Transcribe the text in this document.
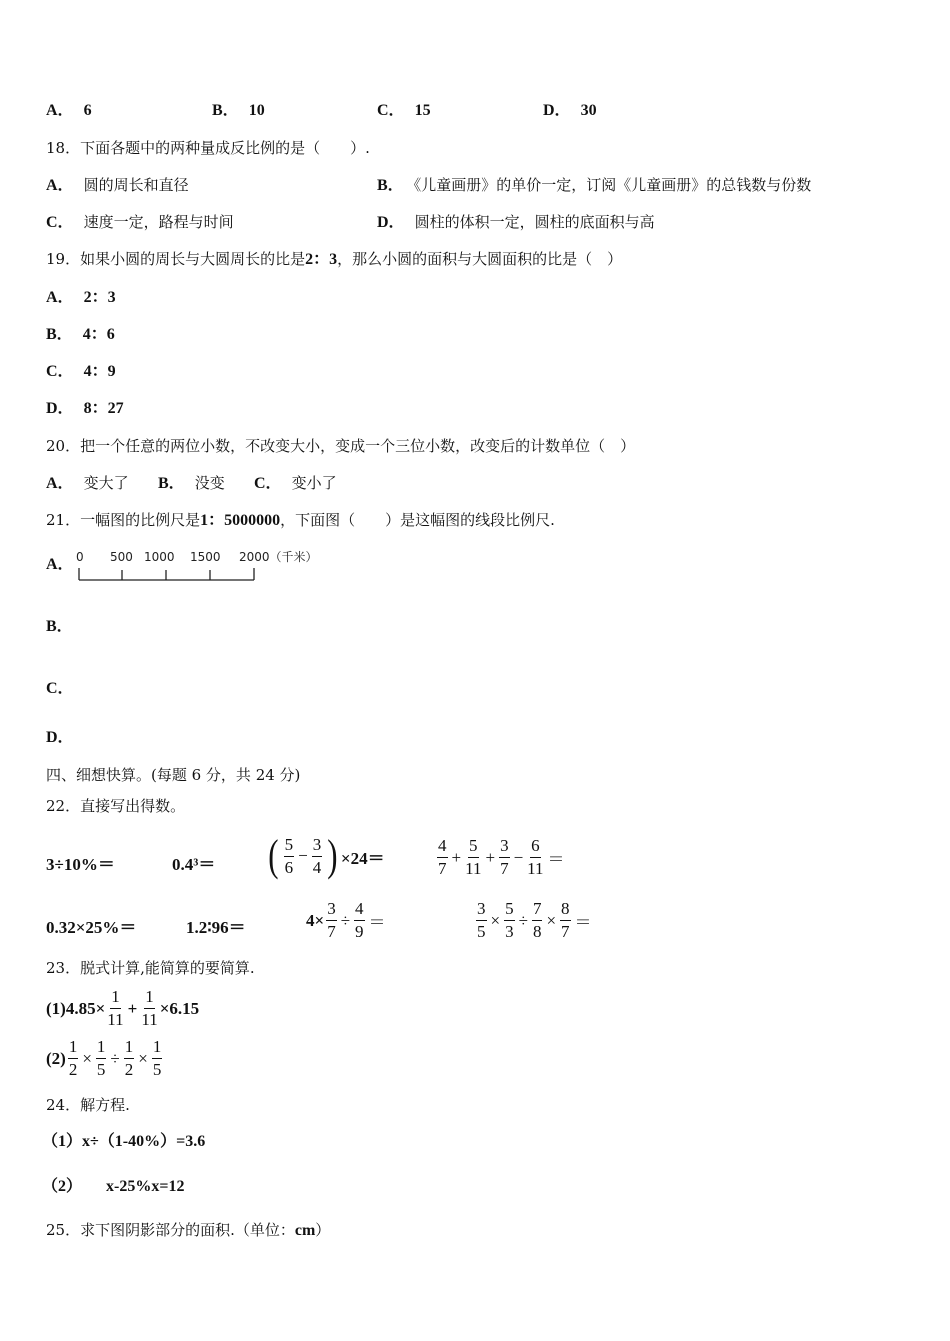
A． 6	B． 10	C． 15	D． 30
18．下面各题中的两种量成反比例的是（　　）.
A． 圆的周长和直径	B． 《儿童画册》的单价一定，订阅《儿童画册》的总钱数与份数
C． 速度一定，路程与时间	D． 圆柱的体积一定，圆柱的底面积与高
19．如果小圆的周长与大圆周长的比是2：3，那么小圆的面积与大圆面积的比是（　）
A． 2：3
B． 4：6
C． 4：9
D． 8：27
20．把一个任意的两位小数，不改变大小，变成一个三位小数，改变后的计数单位（　）
A． 变大了 B． 没变 C． 变小了
21．一幅图的比例尺是1：5000000，下面图（　　）是这幅图的线段比例尺.
A． 0 500 1000 1500 2000（千米）
B．
C．
D．
四、细想快算。(每题 6 分，共 24 分)
22．直接写出得数。
3÷10%＝	0.4³＝ ( $\frac{5}{6} - \frac{3}{4}$ ) ×24＝	$\frac{4}{7} + \frac{5}{11} + \frac{3}{7} - \frac{6}{11}$ ＝
0.32×25%＝	1.2∶96＝	$4\times \frac{3}{7} \div \frac{4}{9}$ ＝	$\frac{3}{5} \times \frac{5}{3} \div \frac{7}{8} \times \frac{8}{7}$ ＝
23．脱式计算,能简算的要简算.
$(1)4.85\times \frac{1}{11} + \frac{1}{11} \times 6.15$
$(2) \frac{1}{2} \times \frac{1}{5} \div \frac{1}{2} \times \frac{1}{5}$
24．解方程.
（1）x÷（1-40%）=3.6
（2） x-25%x=12
25．求下图阴影部分的面积.（单位：cm）
